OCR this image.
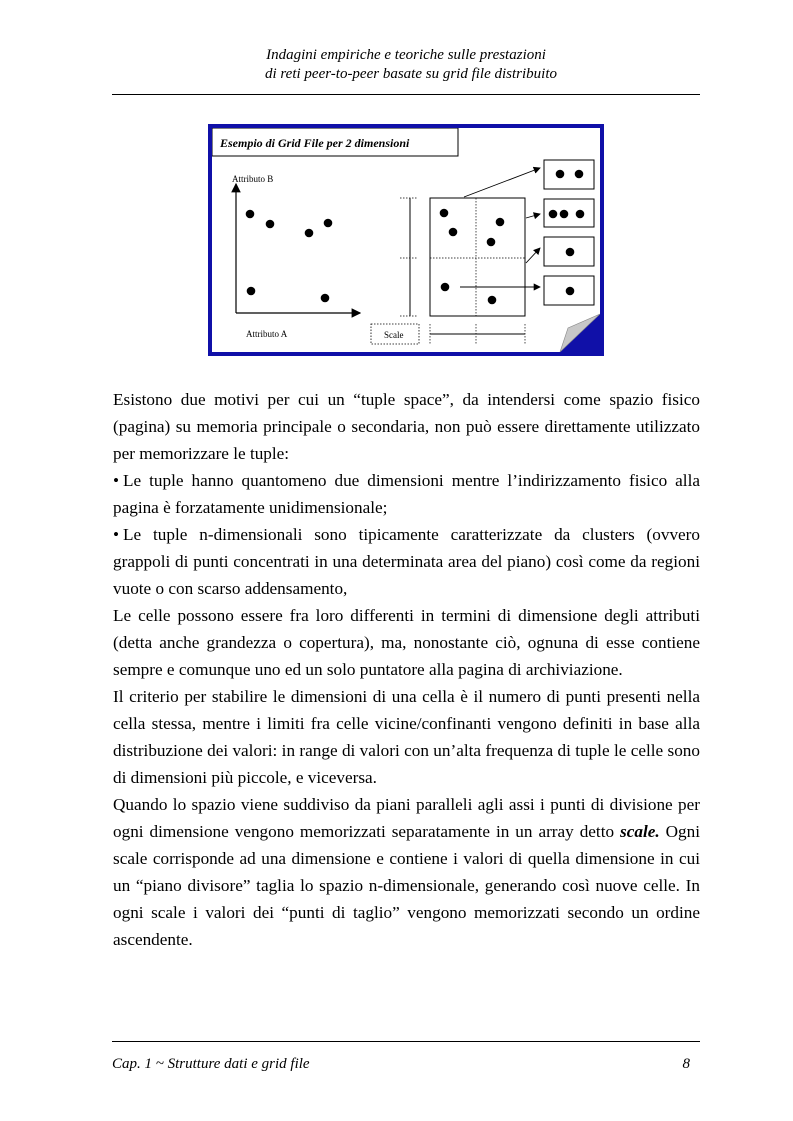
Indagini empiriche e teoriche sulle prestazioni
di reti peer-to-peer basate su grid file distribuito
Esempio di Grid File per 2 dimensioni
Attributo B
Attributo A	Scale

Esistono due motivi per cui un “tuple space”, da intendersi come spazio fisico (pagina) su memoria principale o secondaria, non può essere direttamente utilizzato per memorizzare le tuple:

• Le tuple hanno quantomeno due dimensioni mentre l’indirizzamento fisico alla pagina è forzatamente unidimensionale;

• Le tuple n-dimensionali sono tipicamente caratterizzate da clusters (ovvero grappoli di punti concentrati in una determinata area del piano) così come da regioni vuote o con scarso addensamento,

Le celle possono essere fra loro differenti in termini di dimensione degli attributi (detta anche grandezza o copertura), ma, nonostante ciò, ognuna di esse contiene sempre e comunque uno ed un solo puntatore alla pagina di archiviazione.

Il criterio per stabilire le dimensioni di una cella è il numero di punti presenti nella cella stessa, mentre i limiti fra celle vicine/confinanti vengono definiti in base alla distribuzione dei valori: in range di valori con un’alta frequenza di tuple le celle sono di dimensioni più piccole, e viceversa.

Quando lo spazio viene suddiviso da piani paralleli agli assi i punti di divisione per ogni dimensione vengono memorizzati separatamente in un array detto scale. Ogni scale corrisponde ad una dimensione e contiene i valori di quella dimensione in cui un “piano divisore” taglia lo spazio n-dimensionale, generando così nuove celle. In ogni scale i valori dei “punti di taglio” vengono memorizzati secondo un ordine ascendente.

Cap. 1 ~ Strutture dati e grid file	8
